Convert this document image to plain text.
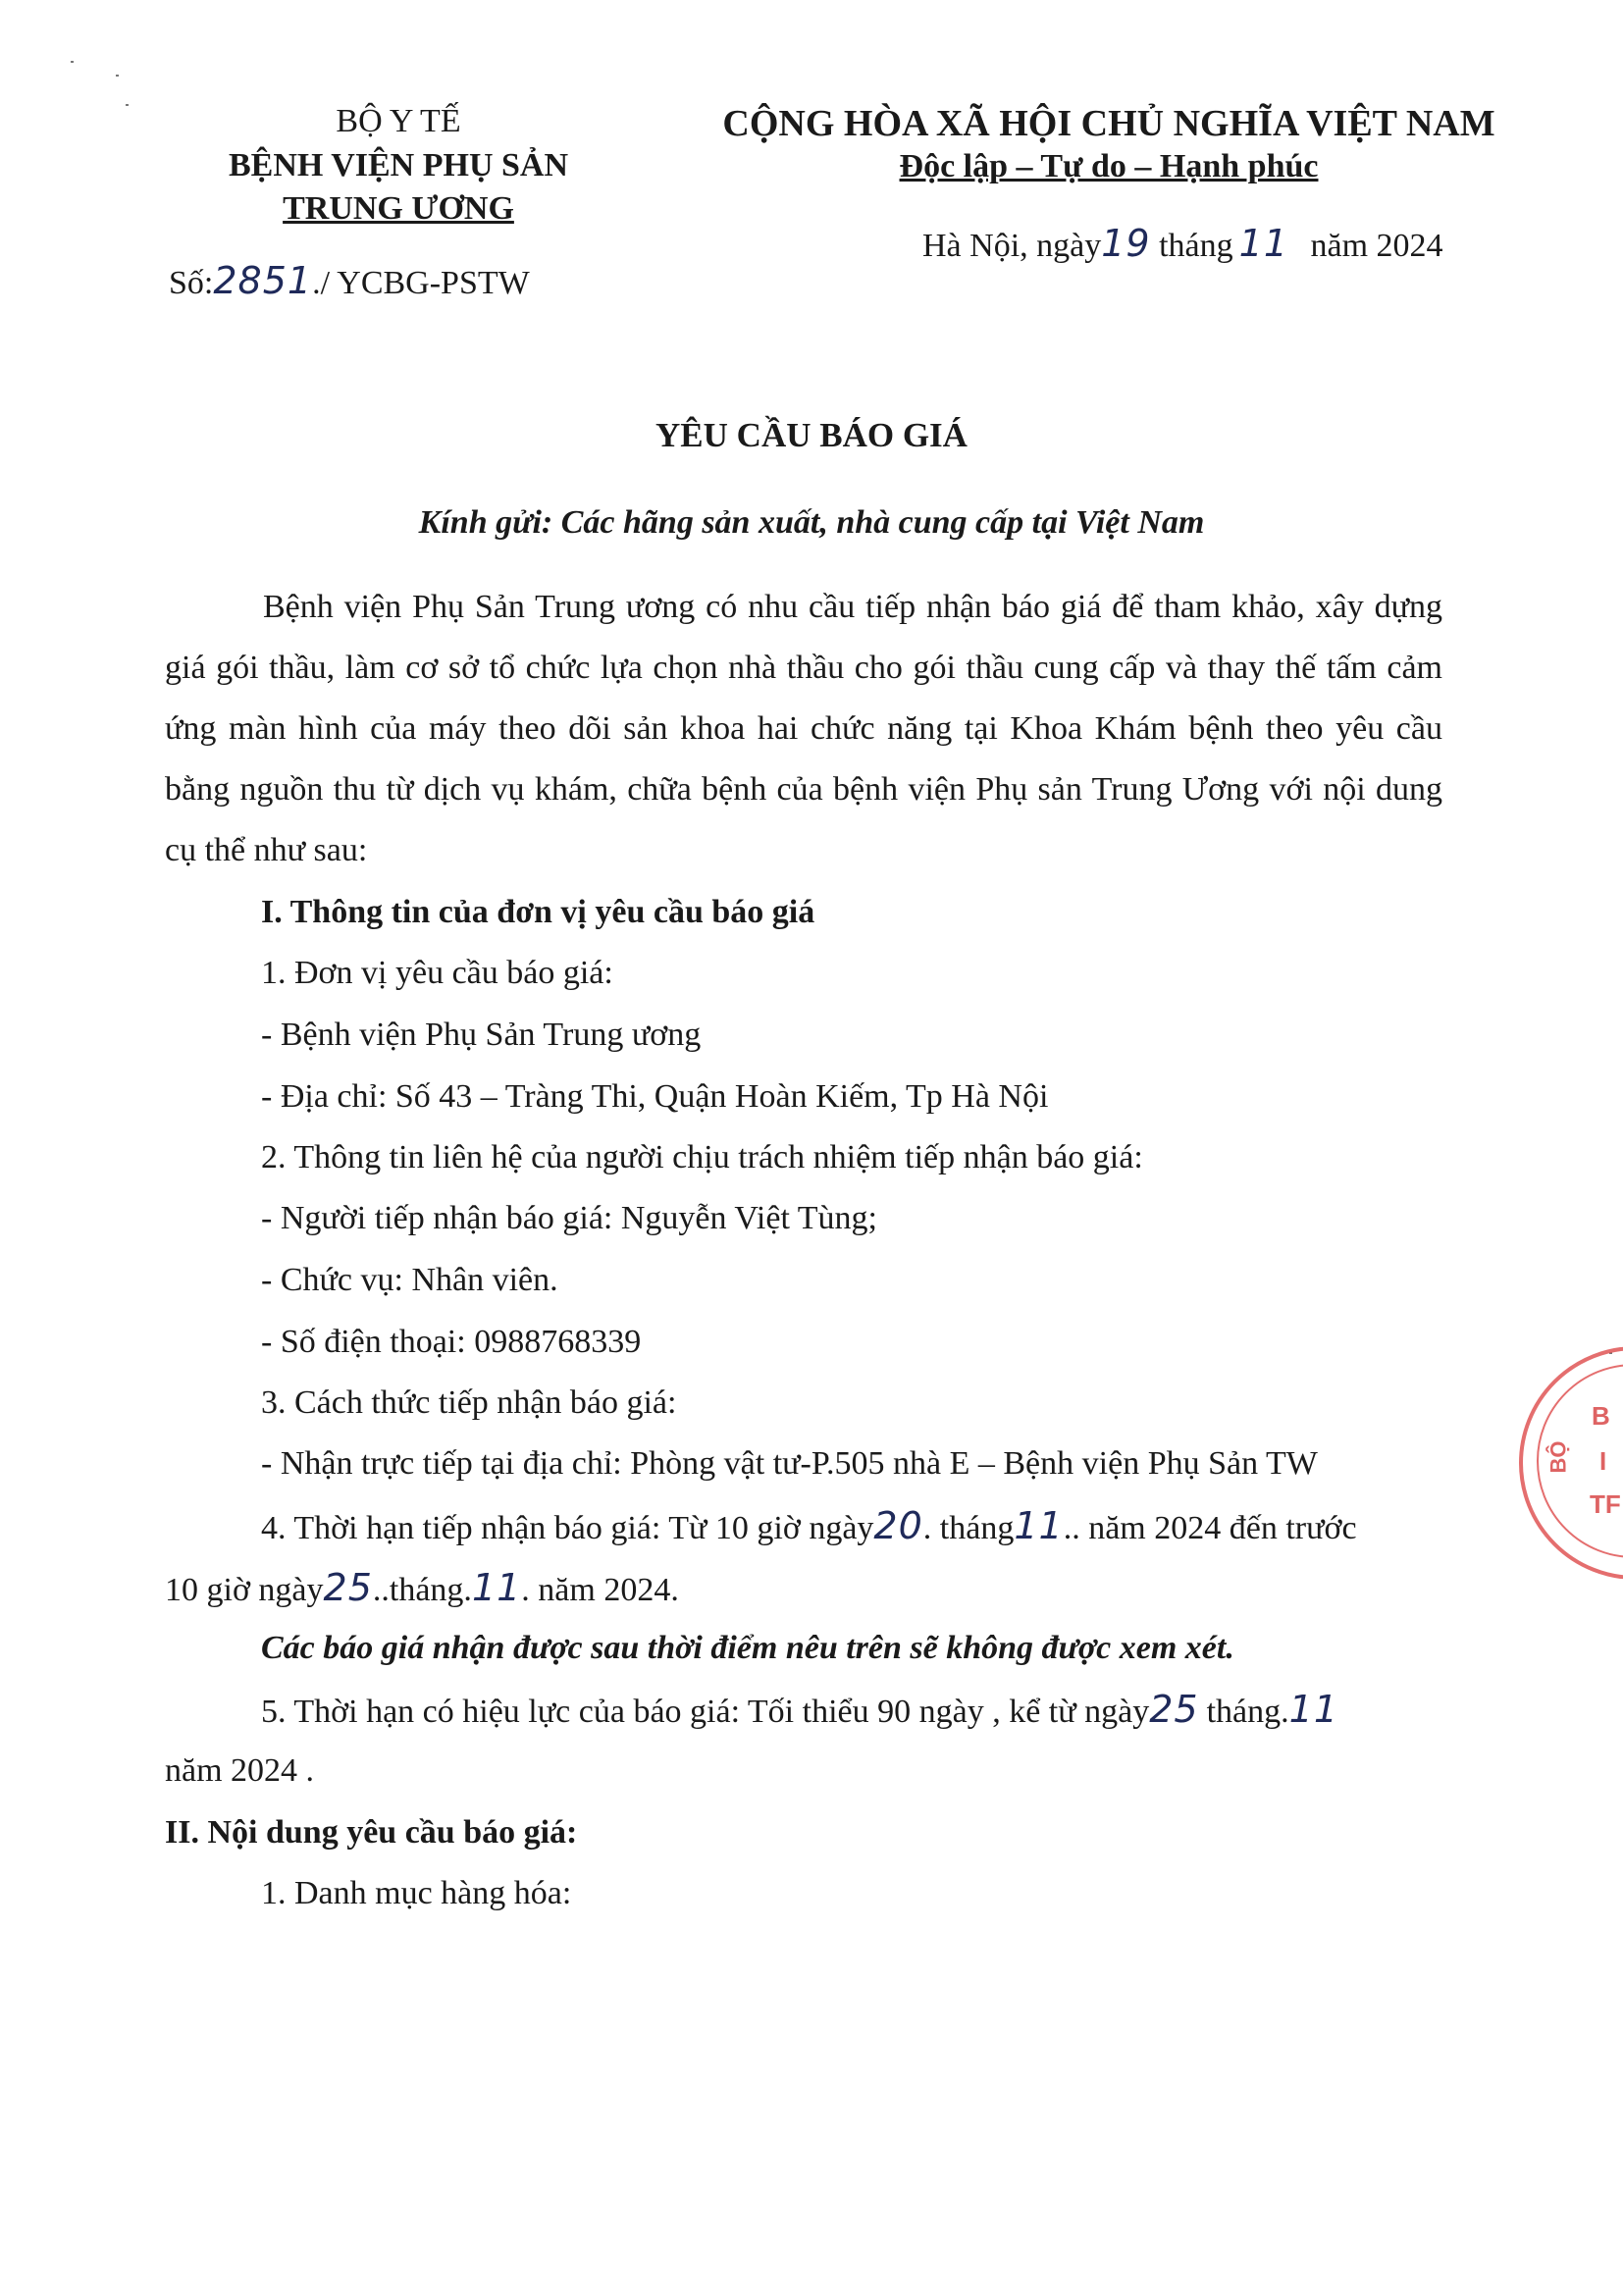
BỘ Y TẾ
BỆNH VIỆN PHỤ SẢN
TRUNG ƯƠNG
Số:2851./ YCBG-PSTW
CỘNG HÒA XÃ HỘI CHỦ NGHĨA VIỆT NAM
Độc lập – Tự do – Hạnh phúc
Hà Nội, ngày19 tháng 11 năm 2024
YÊU CẦU BÁO GIÁ
Kính gửi: Các hãng sản xuất, nhà cung cấp tại Việt Nam
Bệnh viện Phụ Sản Trung ương có nhu cầu tiếp nhận báo giá để tham khảo, xây dựng giá gói thầu, làm cơ sở tổ chức lựa chọn nhà thầu cho gói thầu cung cấp và thay thế tấm cảm ứng màn hình của máy theo dõi sản khoa hai chức năng tại Khoa Khám bệnh theo yêu cầu bằng nguồn thu từ dịch vụ khám, chữa bệnh của bệnh viện Phụ sản Trung Ương với nội dung cụ thể như sau:
I. Thông tin của đơn vị yêu cầu báo giá
1. Đơn vị yêu cầu báo giá:
- Bệnh viện Phụ Sản Trung ương
- Địa chỉ: Số 43 – Tràng Thi, Quận Hoàn Kiếm, Tp Hà Nội
2. Thông tin liên hệ của người chịu trách nhiệm tiếp nhận báo giá:
- Người tiếp nhận báo giá: Nguyễn Việt Tùng;
- Chức vụ: Nhân viên.
- Số điện thoại: 0988768339
3. Cách thức tiếp nhận báo giá:
- Nhận trực tiếp tại địa chỉ: Phòng vật tư-P.505 nhà E – Bệnh viện Phụ Sản TW
4. Thời hạn tiếp nhận báo giá: Từ 10 giờ ngày20. tháng11.. năm 2024 đến trước
10 giờ ngày25..tháng.11. năm 2024.
Các báo giá nhận được sau thời điểm nêu trên sẽ không được xem xét.
5. Thời hạn có hiệu lực của báo giá: Tối thiểu 90 ngày , kể từ ngày25 tháng.11
năm 2024 .
II. Nội dung yêu cầu báo giá:
1. Danh mục hàng hóa:
B
I
TF
BỘ
